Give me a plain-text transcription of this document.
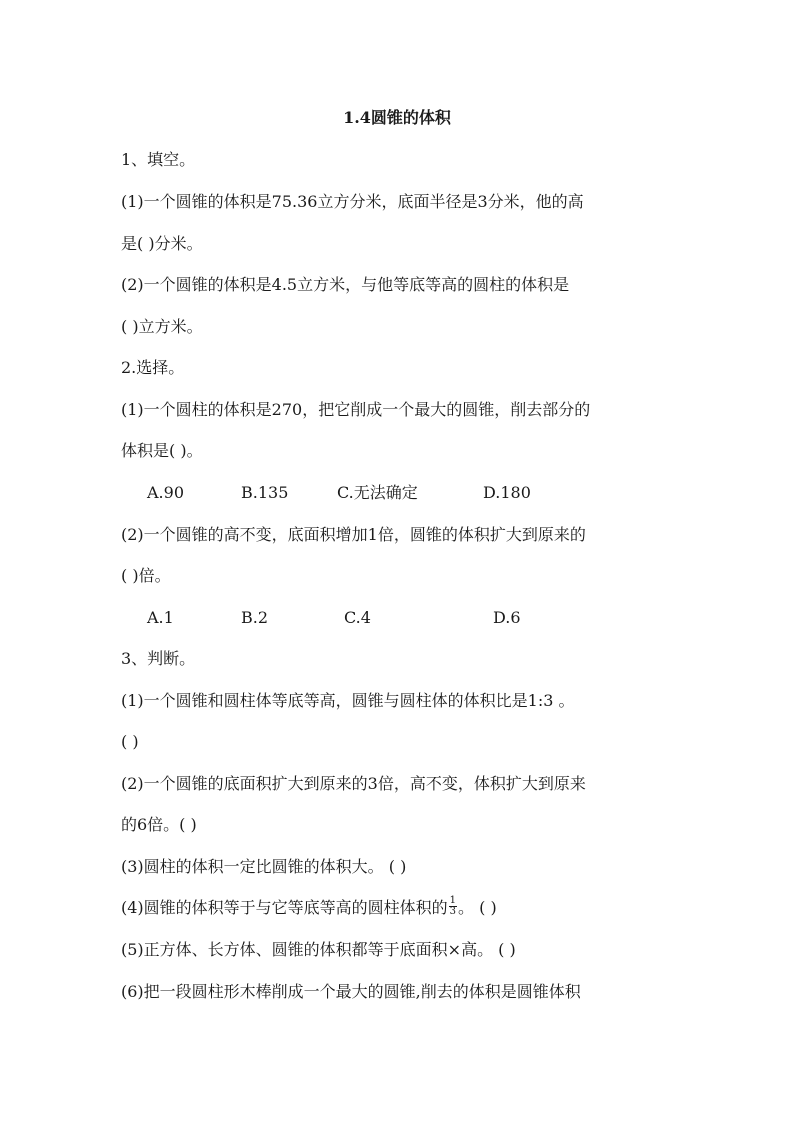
1.4圆锥的体积
1、填空。
(1)一个圆锥的体积是75.36立方分米，底面半径是3分米，他的高
是( )分米。
(2)一个圆锥的体积是4.5立方米，与他等底等高的圆柱的体积是
( )立方米。
2.选择。
(1)一个圆柱的体积是270，把它削成一个最大的圆锥，削去部分的
体积是( )。
A.90	B.135	C.无法确定	D.180
(2)一个圆锥的高不变，底面积增加1倍，圆锥的体积扩大到原来的
( )倍。
A.1	B.2	C.4	D.6
3、判断。
(1)一个圆锥和圆柱体等底等高，圆锥与圆柱体的体积比是1:3 。
( )
(2)一个圆锥的底面积扩大到原来的3倍，高不变，体积扩大到原来
的6倍。( )
(3)圆柱的体积一定比圆锥的体积大。 ( )
(4)圆锥的体积等于与它等底等高的圆柱体积的 $\frac{1}{3}$ 。 ( )
(5)正方体、长方体、圆锥的体积都等于底面积×高。 ( )
(6)把一段圆柱形木棒削成一个最大的圆锥,削去的体积是圆锥体积
